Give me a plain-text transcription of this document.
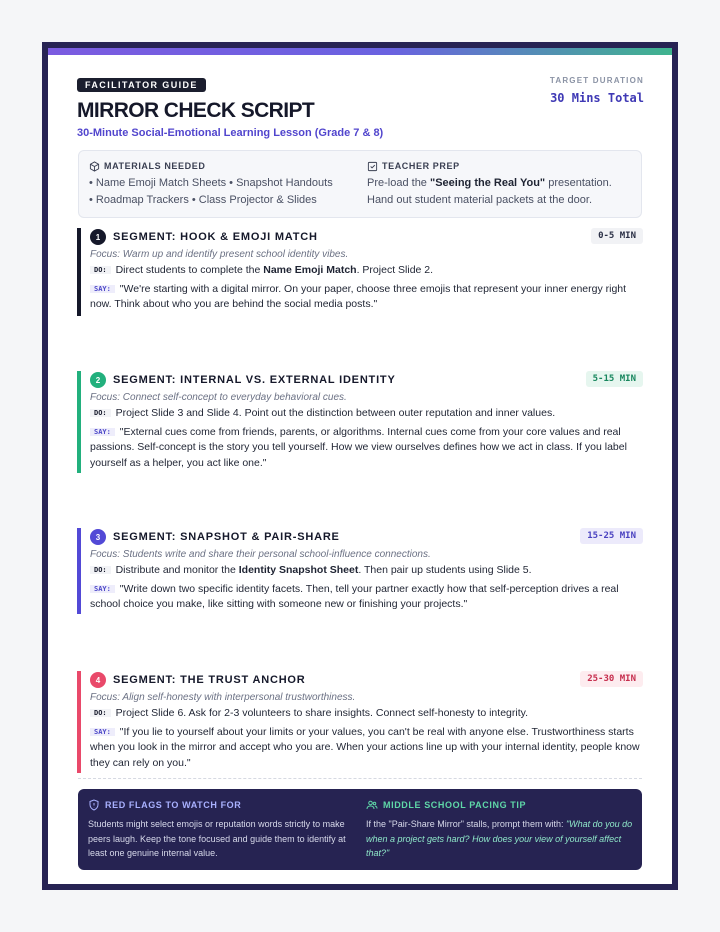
FACILITATOR GUIDE
MIRROR CHECK SCRIPT
30-Minute Social-Emotional Learning Lesson (Grade 7 & 8)
TARGET DURATION
30 Mins Total
MATERIALS NEEDED
• Name Emoji Match Sheets • Snapshot Handouts
• Roadmap Trackers • Class Projector & Slides
TEACHER PREP
Pre-load the "Seeing the Real You" presentation.
Hand out student material packets at the door.
1	SEGMENT: HOOK & EMOJI MATCH	0-5 MIN
Focus: Warm up and identify present school identity vibes.
DO: Direct students to complete the Name Emoji Match. Project Slide 2.
SAY: "We're starting with a digital mirror. On your paper, choose three emojis that represent your inner energy right now. Think about who you are behind the social media posts."
2	SEGMENT: INTERNAL VS. EXTERNAL IDENTITY	5-15 MIN
Focus: Connect self-concept to everyday behavioral cues.
DO: Project Slide 3 and Slide 4. Point out the distinction between outer reputation and inner values.
SAY: "External cues come from friends, parents, or algorithms. Internal cues come from your core values and real passions. Self-concept is the story you tell yourself. How we view ourselves defines how we act in class. If you label yourself as a helper, you act like one."
3	SEGMENT: SNAPSHOT & PAIR-SHARE	15-25 MIN
Focus: Students write and share their personal school-influence connections.
DO: Distribute and monitor the Identity Snapshot Sheet. Then pair up students using Slide 5.
SAY: "Write down two specific identity facets. Then, tell your partner exactly how that self-perception drives a real school choice you make, like sitting with someone new or finishing your projects."
4	SEGMENT: THE TRUST ANCHOR	25-30 MIN
Focus: Align self-honesty with interpersonal trustworthiness.
DO: Project Slide 6. Ask for 2-3 volunteers to share insights. Connect self-honesty to integrity.
SAY: "If you lie to yourself about your limits or your values, you can't be real with anyone else. Trustworthiness starts when you look in the mirror and accept who you are. When your actions line up with your internal identity, people know they can rely on you."
RED FLAGS TO WATCH FOR
Students might select emojis or reputation words strictly to make peers laugh. Keep the tone focused and guide them to identify at least one genuine internal value.
MIDDLE SCHOOL PACING TIP
If the "Pair-Share Mirror" stalls, prompt them with: "What do you do when a project gets hard? How does your view of yourself affect that?"
